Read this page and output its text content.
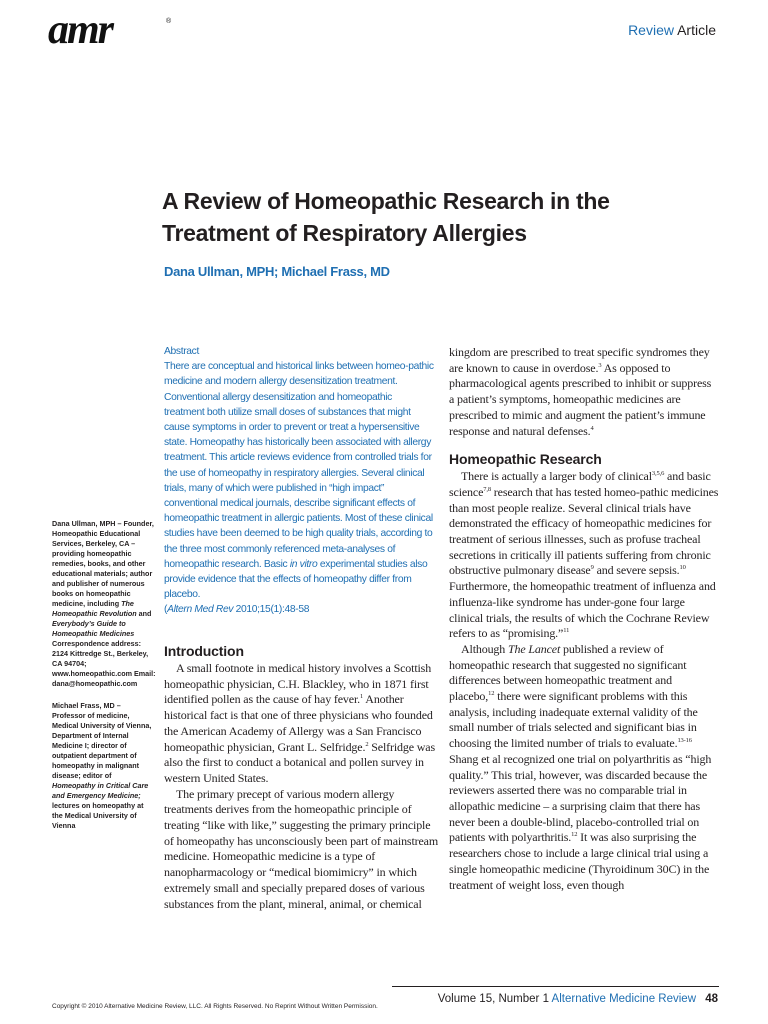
amr	®
Review Article
A Review of Homeopathic Research in the
Treatment of Respiratory Allergies
Dana Ullman, MPH; Michael Frass, MD

Dana Ullman, MPH – Founder, Homeopathic Educational Services, Berkeley, CA – providing homeopathic remedies, books, and other educational materials; author and publisher of numerous books on homeopathic medicine, including The Homeopathic Revolution and Everybody’s Guide to Homeopathic Medicines Correspondence address: 2124 Kittredge St., Berkeley, CA 94704; www.homeopathic.com Email: dana@homeopathic.com

Michael Frass, MD – Professor of medicine, Medical University of Vienna, Department of Internal Medicine I; director of outpatient department of homeopathy in malignant disease; editor of Homeopathy in Critical Care and Emergency Medicine; lectures on homeopathy at the Medical University of Vienna

Abstract

There are conceptual and historical links between homeo-pathic medicine and modern allergy desensitization treatment. Conventional allergy desensitization and homeopathic treatment both utilize small doses of substances that might cause symptoms in order to prevent or treat a hypersensitive state. Homeopathy has historically been associated with allergy treatment. This article reviews evidence from controlled trials for the use of homeopathy in respiratory allergies. Several clinical trials, many of which were published in “high impact” conventional medical journals, describe significant effects of homeopathic treatment in allergic patients. Most of these clinical studies have been deemed to be high quality trials, according to the three most commonly referenced meta-analyses of homeopathic research. Basic in vitro experimental studies also provide evidence that the effects of homeopathy differ from placebo.

(Altern Med Rev 2010;15(1):48-58

Introduction

A small footnote in medical history involves a Scottish homeopathic physician, C.H. Blackley, who in 1871 first identified pollen as the cause of hay fever.$^1$ Another historical fact is that one of three physicians who founded the American Academy of Allergy was a San Francisco homeopathic physician, Grant L. Selfridge.$^2$ Selfridge was also the first to conduct a botanical and pollen survey in western United States.

The primary precept of various modern allergy treatments derives from the homeopathic principle of treating “like with like,” suggesting the primary principle of homeopathy has unconsciously been part of mainstream medicine. Homeopathic medicine is a type of nanopharmacology or “medical biomimicry” in which extremely small and specially prepared doses of various substances from the plant, mineral, animal, or chemical

kingdom are prescribed to treat specific syndromes they are known to cause in overdose.$^3$ As opposed to pharmacological agents prescribed to inhibit or suppress a patient’s symptoms, homeopathic medicines are prescribed to mimic and augment the patient’s immune response and natural defenses.$^4$

Homeopathic Research

There is actually a larger body of clinical$^{3,5,6}$ and basic science$^{7,8}$ research that has tested homeo-pathic medicines than most people realize. Several clinical trials have demonstrated the efficacy of homeopathic medicines for treatment of serious illnesses, such as profuse tracheal secretions in critically ill patients suffering from chronic obstructive pulmonary disease$^9$ and severe sepsis.$^{10}$ Furthermore, the homeopathic treatment of influenza and influenza-like syndrome has under-gone four large clinical trials, the results of which the Cochrane Review refers to as “promising.”$^{11}$

Although The Lancet published a review of homeopathic research that suggested no significant differences between homeopathic treatment and placebo,$^{12}$ there were significant problems with this analysis, including inadequate external validity of the small number of trials selected and significant bias in choosing the limited number of trials to evaluate.$^{13-16}$ Shang et al recognized one trial on polyarthritis as “high quality.” This trial, however, was discarded because the reviewers asserted there was no comparable trial in allopathic medicine – a surprising claim that there has never been a double-blind, placebo-controlled trial on patients with polyarthritis.$^{12}$ It was also surprising the researchers chose to include a large clinical trial using a single homeopathic medicine (Thyroidinum 30C) in the treatment of weight loss, even though

Copyright © 2010 Alternative Medicine Review, LLC. All Rights Reserved. No Reprint Without Written Permission.
Volume 15, Number 1 Alternative Medicine Review 48
